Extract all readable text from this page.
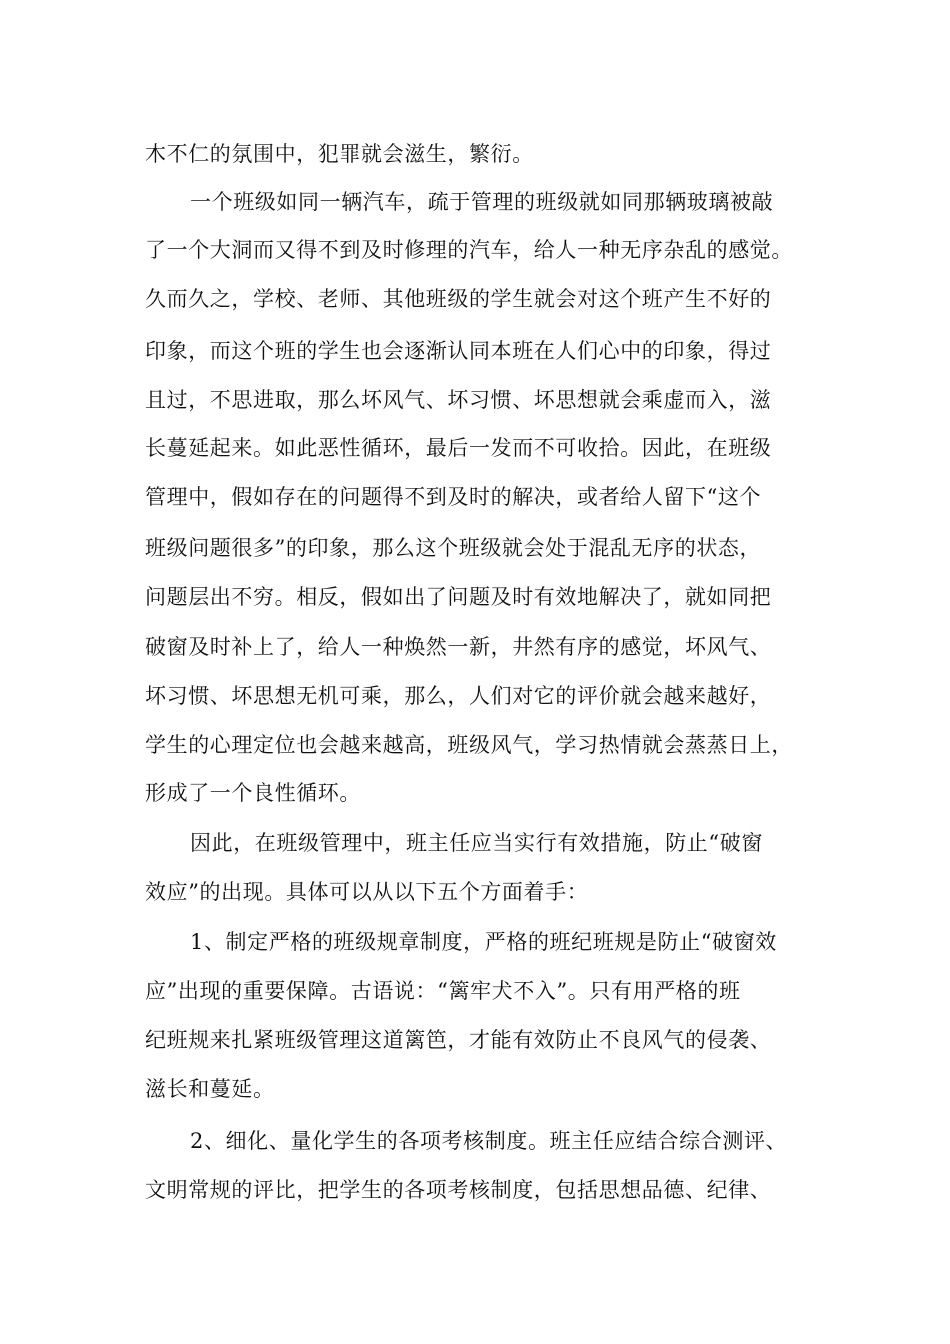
木不仁的氛围中，犯罪就会滋生，繁衍。
一个班级如同一辆汽车，疏于管理的班级就如同那辆玻璃被敲
了一个大洞而又得不到及时修理的汽车，给人一种无序杂乱的感觉。
久而久之，学校、老师、其他班级的学生就会对这个班产生不好的
印象，而这个班的学生也会逐渐认同本班在人们心中的印象，得过
且过，不思进取，那么坏风气、坏习惯、坏思想就会乘虚而入，滋
长蔓延起来。如此恶性循环，最后一发而不可收拾。因此，在班级
管理中，假如存在的问题得不到及时的解决，或者给人留下“这个
班级问题很多”的印象，那么这个班级就会处于混乱无序的状态，
问题层出不穷。相反，假如出了问题及时有效地解决了，就如同把
破窗及时补上了，给人一种焕然一新，井然有序的感觉，坏风气、
坏习惯、坏思想无机可乘，那么，人们对它的评价就会越来越好，
学生的心理定位也会越来越高，班级风气，学习热情就会蒸蒸日上，
形成了一个良性循环。
因此，在班级管理中，班主任应当实行有效措施，防止“破窗
效应”的出现。具体可以从以下五个方面着手：
1、制定严格的班级规章制度，严格的班纪班规是防止“破窗效
应”出现的重要保障。古语说：“篱牢犬不入”。只有用严格的班
纪班规来扎紧班级管理这道篱笆，才能有效防止不良风气的侵袭、
滋长和蔓延。
2、细化、量化学生的各项考核制度。班主任应结合综合测评、
文明常规的评比，把学生的各项考核制度，包括思想品德、纪律、
